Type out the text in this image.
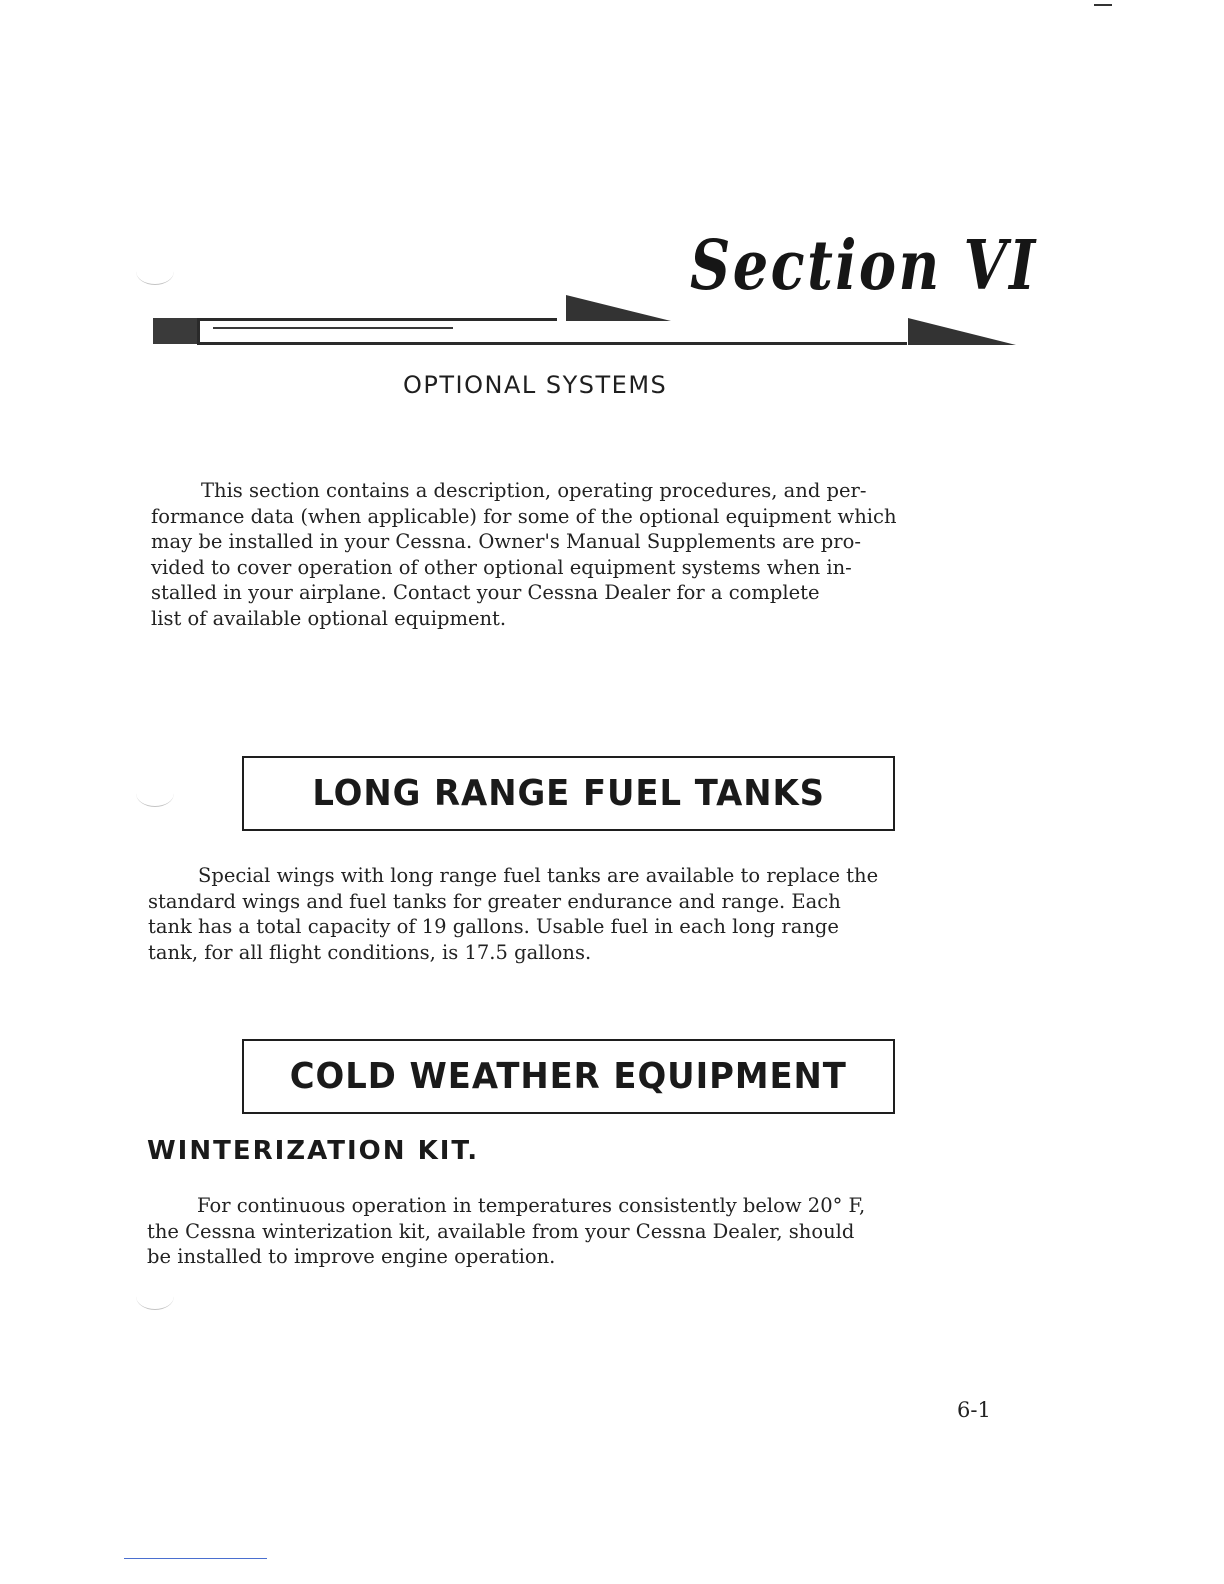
Section VI
OPTIONAL SYSTEMS
This section contains a description, operating procedures, and per-
formance data (when applicable) for some of the optional equipment which
may be installed in your Cessna. Owner's Manual Supplements are pro-
vided to cover operation of other optional equipment systems when in-
stalled in your airplane. Contact your Cessna Dealer for a complete
list of available optional equipment.
LONG RANGE FUEL TANKS
Special wings with long range fuel tanks are available to replace the
standard wings and fuel tanks for greater endurance and range. Each
tank has a total capacity of 19 gallons. Usable fuel in each long range
tank, for all flight conditions, is 17.5 gallons.
COLD WEATHER EQUIPMENT
WINTERIZATION KIT.
For continuous operation in temperatures consistently below 20° F,
the Cessna winterization kit, available from your Cessna Dealer, should
be installed to improve engine operation.
6-1
